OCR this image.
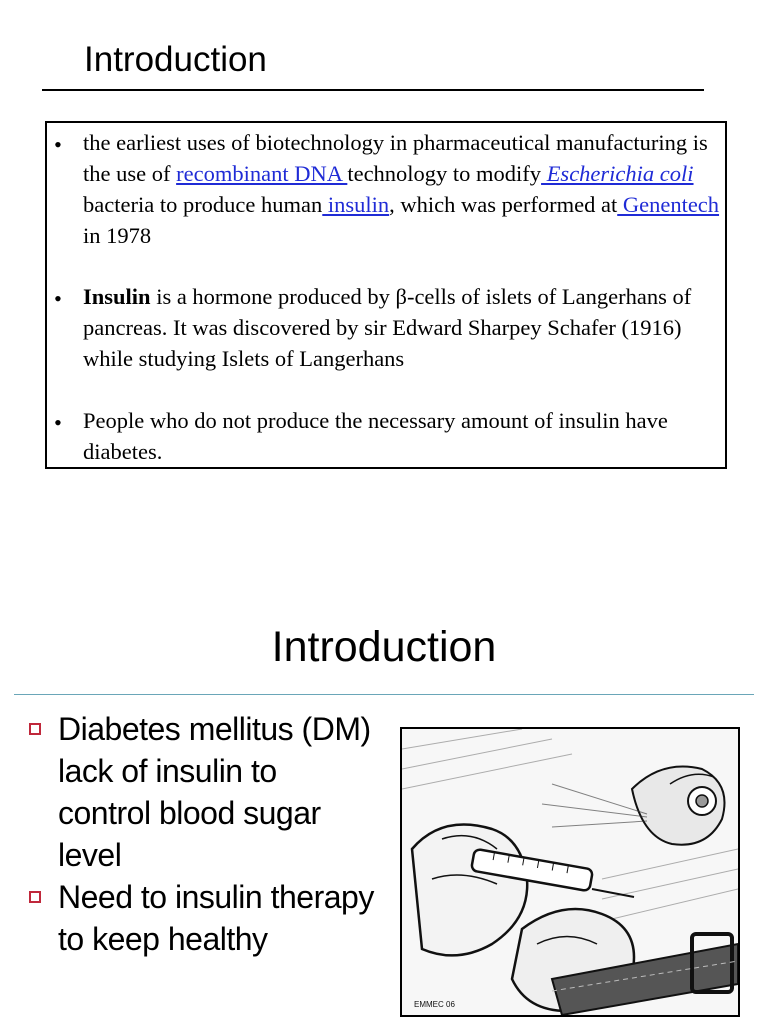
Introduction
• the earliest uses of biotechnology in pharmaceutical manufacturing is the use of recombinant DNA technology to modify Escherichia coli bacteria to produce human insulin, which was performed at Genentech in 1978
• Insulin is a hormone produced by β-cells of islets of Langerhans of pancreas. It was discovered by sir Edward Sharpey Schafer (1916) while studying Islets of Langerhans
• People who do not produce the necessary amount of insulin have diabetes.
Introduction
Diabetes mellitus (DM) lack of insulin to control blood sugar level
Need to insulin therapy to keep healthy
EMMEC 06
